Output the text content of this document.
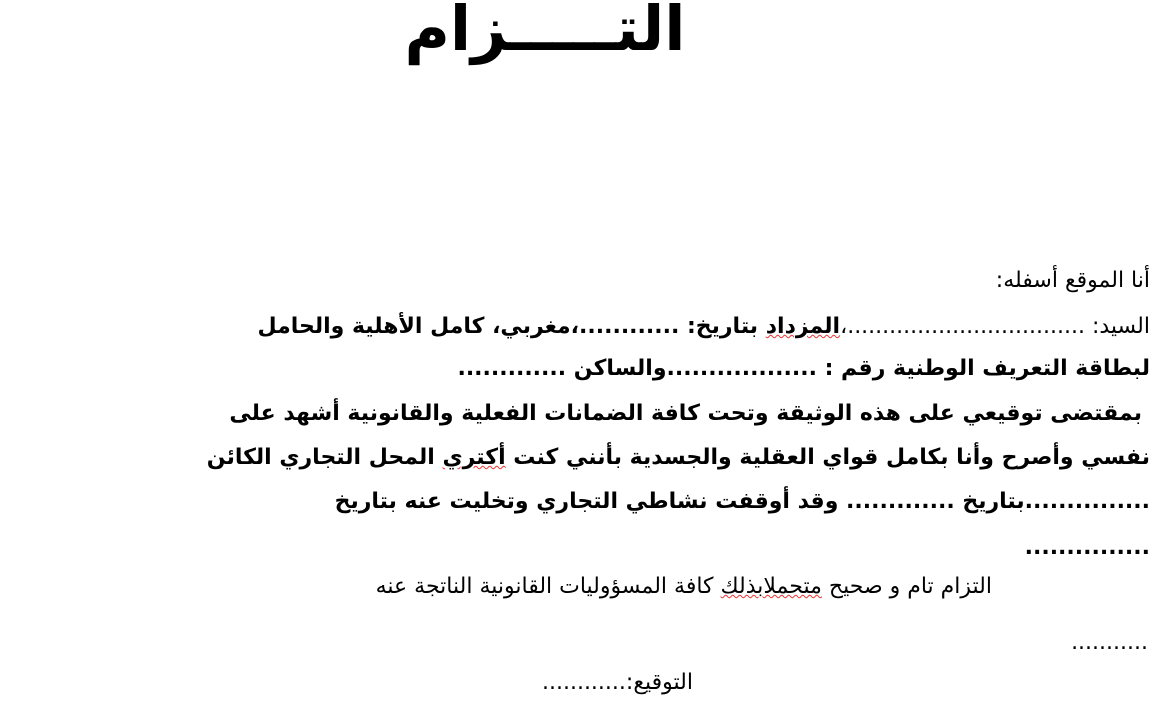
التـــــزام
أنا الموقع أسفله:
السيد: ..................................،المزداد بتاريخ: ............،مغربي، كامل الأهلية والحامل
لبطاقة التعريف الوطنية رقم : ..................والساكن .............
بمقتضى توقيعي على هذه الوثيقة وتحت كافة الضمانات الفعلية والقانونية أشهد على
نفسي وأصرح وأنا بكامل قواي العقلية والجسدية بأنني كنت أكتري المحل التجاري الكائن
...............بتاريخ ............. وقد أوقفت نشاطي التجاري وتخليت عنه بتاريخ
...............
التزام تام و صحيح متحملابذلك كافة المسؤوليات القانونية الناتجة عنه
...........
التوقيع:............
